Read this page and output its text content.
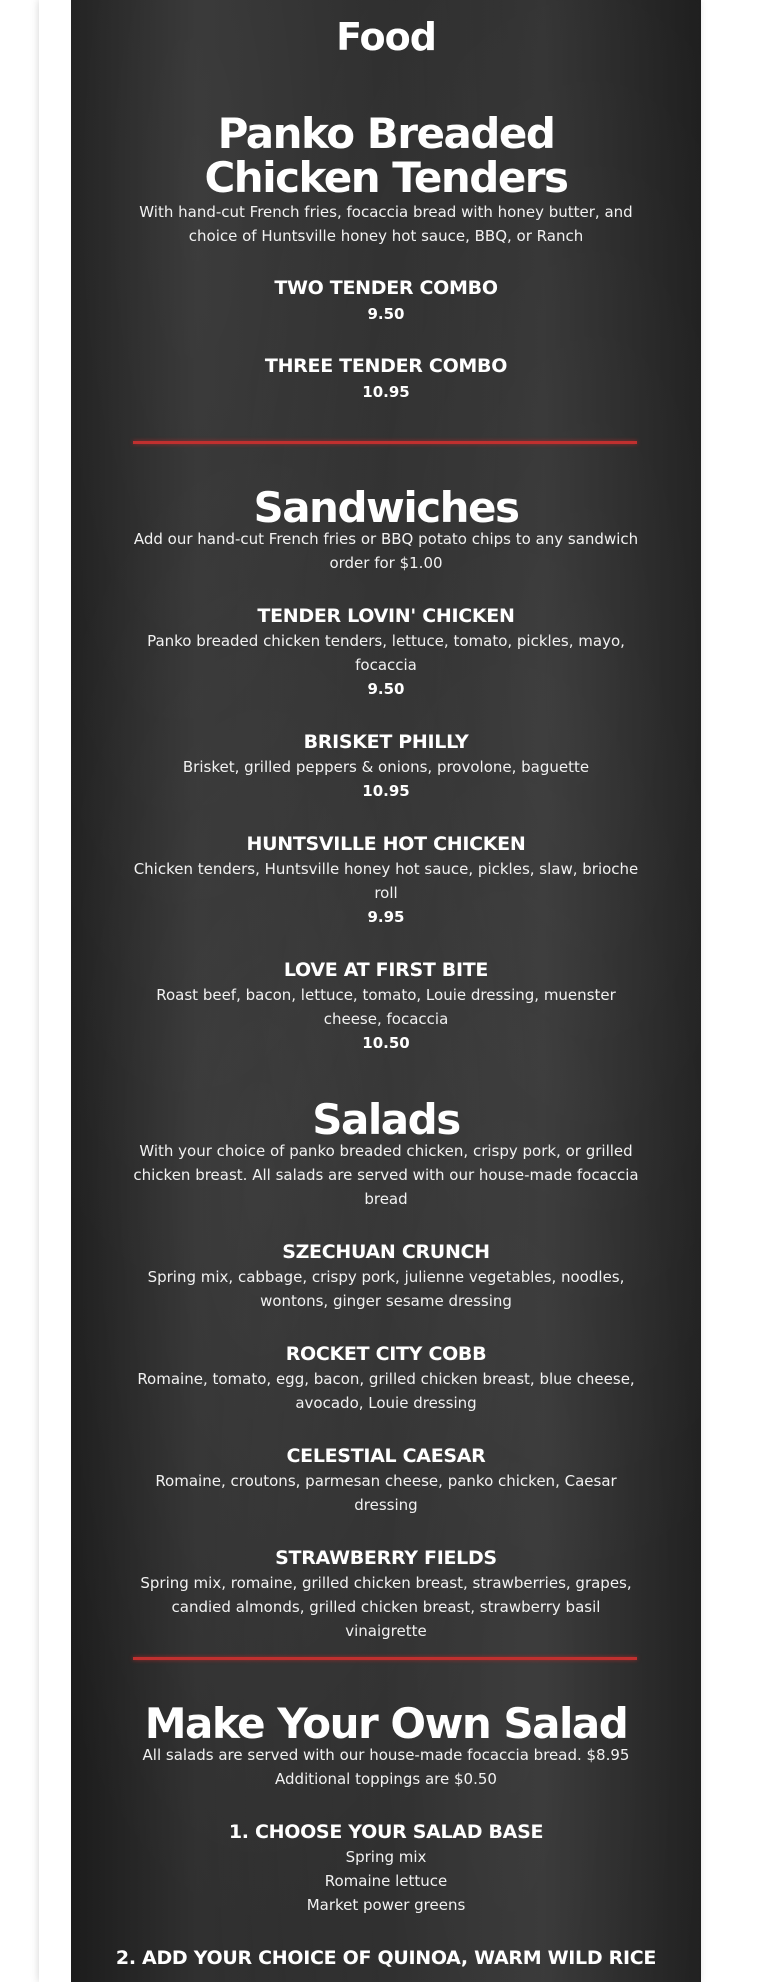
Food
Panko Breaded Chicken Tenders
With hand-cut French fries, focaccia bread with honey butter, and choice of Huntsville honey hot sauce, BBQ, or Ranch
TWO TENDER COMBO
9.50
THREE TENDER COMBO
10.95
Sandwiches
Add our hand-cut French fries or BBQ potato chips to any sandwich order for $1.00
TENDER LOVIN' CHICKEN
Panko breaded chicken tenders, lettuce, tomato, pickles, mayo, focaccia
9.50
BRISKET PHILLY
Brisket, grilled peppers & onions, provolone, baguette
10.95
HUNTSVILLE HOT CHICKEN
Chicken tenders, Huntsville honey hot sauce, pickles, slaw, brioche roll
9.95
LOVE AT FIRST BITE
Roast beef, bacon, lettuce, tomato, Louie dressing, muenster cheese, focaccia
10.50
Salads
With your choice of panko breaded chicken, crispy pork, or grilled chicken breast. All salads are served with our house-made focaccia bread
SZECHUAN CRUNCH
Spring mix, cabbage, crispy pork, julienne vegetables, noodles, wontons, ginger sesame dressing
ROCKET CITY COBB
Romaine, tomato, egg, bacon, grilled chicken breast, blue cheese, avocado, Louie dressing
CELESTIAL CAESAR
Romaine, croutons, parmesan cheese, panko chicken, Caesar dressing
STRAWBERRY FIELDS
Spring mix, romaine, grilled chicken breast, strawberries, grapes, candied almonds, grilled chicken breast, strawberry basil vinaigrette
Make Your Own Salad
All salads are served with our house-made focaccia bread. $8.95 Additional toppings are $0.50
1. CHOOSE YOUR SALAD BASE
Spring mix
Romaine lettuce
Market power greens
2. ADD YOUR CHOICE OF QUINOA, WARM WILD RICE
